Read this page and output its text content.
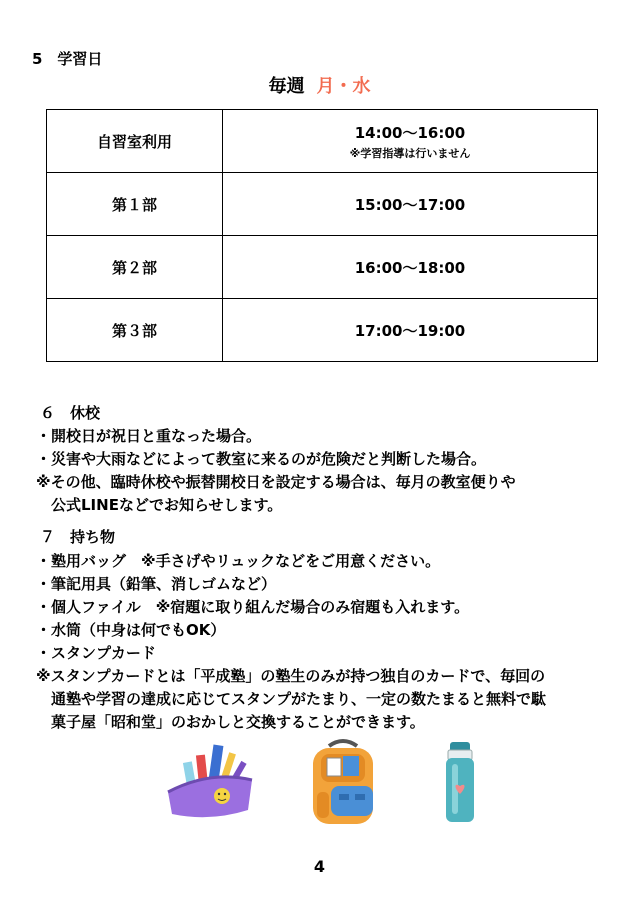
5　学習日
毎週 月・水
自習室利用	14:00〜16:00
※学習指導は行いません

第１部	15:00〜17:00
第２部	16:00〜18:00
第３部	17:00〜19:00
６　休校
・開校日が祝日と重なった場合。
・災害や大雨などによって教室に来るのが危険だと判断した場合。
※その他、臨時休校や振替開校日を設定する場合は、毎月の教室便りや
　公式LINEなどでお知らせします。
７　持ち物
・塾用バッグ　※手さげやリュックなどをご用意ください。
・筆記用具（鉛筆、消しゴムなど）
・個人ファイル　※宿題に取り組んだ場合のみ宿題も入れます。
・水筒（中身は何でもOK）
・スタンプカード
※スタンプカードとは「平成塾」の塾生のみが持つ独自のカードで、毎回の
　通塾や学習の達成に応じてスタンプがたまり、一定の数たまると無料で駄
　菓子屋「昭和堂」のおかしと交換することができます。
4
